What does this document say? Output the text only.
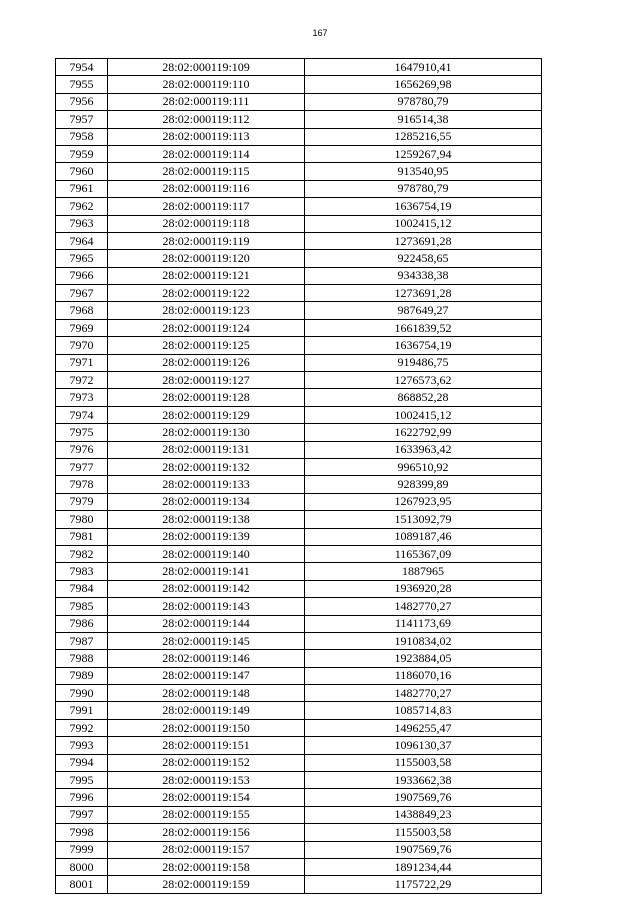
167
7954	28:02:000119:109	1647910,41
7955	28:02:000119:110	1656269,98
7956	28:02:000119:111	978780,79
7957	28:02:000119:112	916514,38
7958	28:02:000119:113	1285216,55
7959	28:02:000119:114	1259267,94
7960	28:02:000119:115	913540,95
7961	28:02:000119:116	978780,79
7962	28:02:000119:117	1636754,19
7963	28:02:000119:118	1002415,12
7964	28:02:000119:119	1273691,28
7965	28:02:000119:120	922458,65
7966	28:02:000119:121	934338,38
7967	28:02:000119:122	1273691,28
7968	28:02:000119:123	987649,27
7969	28:02:000119:124	1661839,52
7970	28:02:000119:125	1636754,19
7971	28:02:000119:126	919486,75
7972	28:02:000119:127	1276573,62
7973	28:02:000119:128	868852,28
7974	28:02:000119:129	1002415,12
7975	28:02:000119:130	1622792,99
7976	28:02:000119:131	1633963,42
7977	28:02:000119:132	996510,92
7978	28:02:000119:133	928399,89
7979	28:02:000119:134	1267923,95
7980	28:02:000119:138	1513092,79
7981	28:02:000119:139	1089187,46
7982	28:02:000119:140	1165367,09
7983	28:02:000119:141	1887965
7984	28:02:000119:142	1936920,28
7985	28:02:000119:143	1482770,27
7986	28:02:000119:144	1141173,69
7987	28:02:000119:145	1910834,02
7988	28:02:000119:146	1923884,05
7989	28:02:000119:147	1186070,16
7990	28:02:000119:148	1482770,27
7991	28:02:000119:149	1085714,83
7992	28:02:000119:150	1496255,47
7993	28:02:000119:151	1096130,37
7994	28:02:000119:152	1155003,58
7995	28:02:000119:153	1933662,38
7996	28:02:000119:154	1907569,76
7997	28:02:000119:155	1438849,23
7998	28:02:000119:156	1155003,58
7999	28:02:000119:157	1907569,76
8000	28:02:000119:158	1891234,44
8001	28:02:000119:159	1175722,29
